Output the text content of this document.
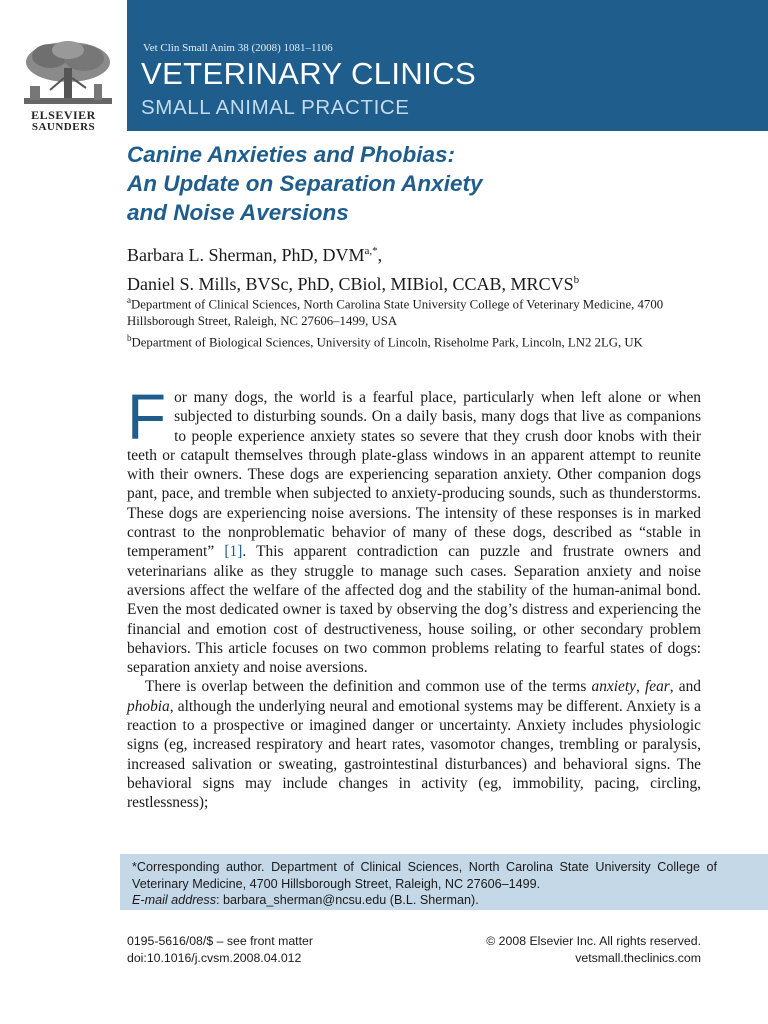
ELSEVIER
SAUNDERS
Vet Clin Small Anim 38 (2008) 1081–1106
VETERINARY CLINICS
SMALL ANIMAL PRACTICE
Canine Anxieties and Phobias:
An Update on Separation Anxiety
and Noise Aversions
Barbara L. Sherman, PhD, $DVM^{a,*}$,
Daniel S. Mills, BVSc, PhD, CBiol, MIBiol, CCAB, MRCVS$^b$

$^a$Department of Clinical Sciences, North Carolina State University College of Veterinary Medicine, 4700 Hillsborough Street, Raleigh, NC 27606–1499, USA

$^b$Department of Biological Sciences, University of Lincoln, Riseholme Park, Lincoln, LN2 2LG, UK

For many dogs, the world is a fearful place, particularly when left alone or when subjected to disturbing sounds. On a daily basis, many dogs that live as companions to people experience anxiety states so severe that they crush door knobs with their teeth or catapult themselves through plate-glass windows in an apparent attempt to reunite with their owners. These dogs are experiencing separation anxiety. Other companion dogs pant, pace, and tremble when subjected to anxiety-producing sounds, such as thunderstorms. These dogs are experiencing noise aversions. The intensity of these responses is in marked contrast to the nonproblematic behavior of many of these dogs, described as “stable in temperament” [1]. This apparent contradiction can puzzle and frustrate owners and veterinarians alike as they struggle to manage such cases. Separation anxiety and noise aversions affect the welfare of the affected dog and the stability of the human-animal bond. Even the most dedicated owner is taxed by observing the dog’s distress and experiencing the financial and emotion cost of destructiveness, house soiling, or other secondary problem behaviors. This article focuses on two common problems relating to fearful states of dogs: separation anxiety and noise aversions.

There is overlap between the definition and common use of the terms anxiety, fear, and phobia, although the underlying neural and emotional systems may be different. Anxiety is a reaction to a prospective or imagined danger or uncertainty. Anxiety includes physiologic signs (eg, increased respiratory and heart rates, vasomotor changes, trembling or paralysis, increased salivation or sweating, gastrointestinal disturbances) and behavioral signs. The behavioral signs may include changes in activity (eg, immobility, pacing, circling, restlessness);

*Corresponding author. Department of Clinical Sciences, North Carolina State University College of Veterinary Medicine, 4700 Hillsborough Street, Raleigh, NC 27606–1499.

E-mail address: barbara_sherman@ncsu.edu (B.L. Sherman).

0195-5616/08/$ – see front matter	© 2008 Elsevier Inc. All rights reserved.
doi:10.1016/j.cvsm.2008.04.012	vetsmall.theclinics.com
